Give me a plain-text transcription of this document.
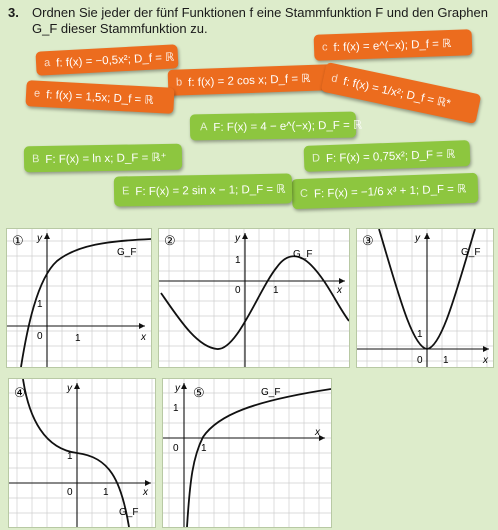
3. Ordnen Sie jeder der fünf Funktionen f eine Stammfunktion F und den Graphen G_F dieser Stammfunktion zu.
a f: f(x) = −0,5x²; D_f = ℝ
b f: f(x) = 2 cos x; D_f = ℝ
c f: f(x) = e^(−x); D_f = ℝ
d f: f(x) = 1/x²; D_f = ℝ*
e f: f(x) = 1,5x; D_f = ℝ
A F: F(x) = 4 − e^(−x); D_F = ℝ
B F: F(x) = ln x; D_F = ℝ⁺
C F: F(x) = −1/6 x³ + 1; D_F = ℝ
D F: F(x) = 0,75x²; D_F = ℝ
E F: F(x) = 2 sin x − 1; D_F = ℝ
① y
x
0	1
1
G_F
②	y
x
0	1
1
G_F
③	y
x
0 1
1
G_F
④	y
x
0	1
1
G_F
⑤
y
x
0 1
1
G_F
